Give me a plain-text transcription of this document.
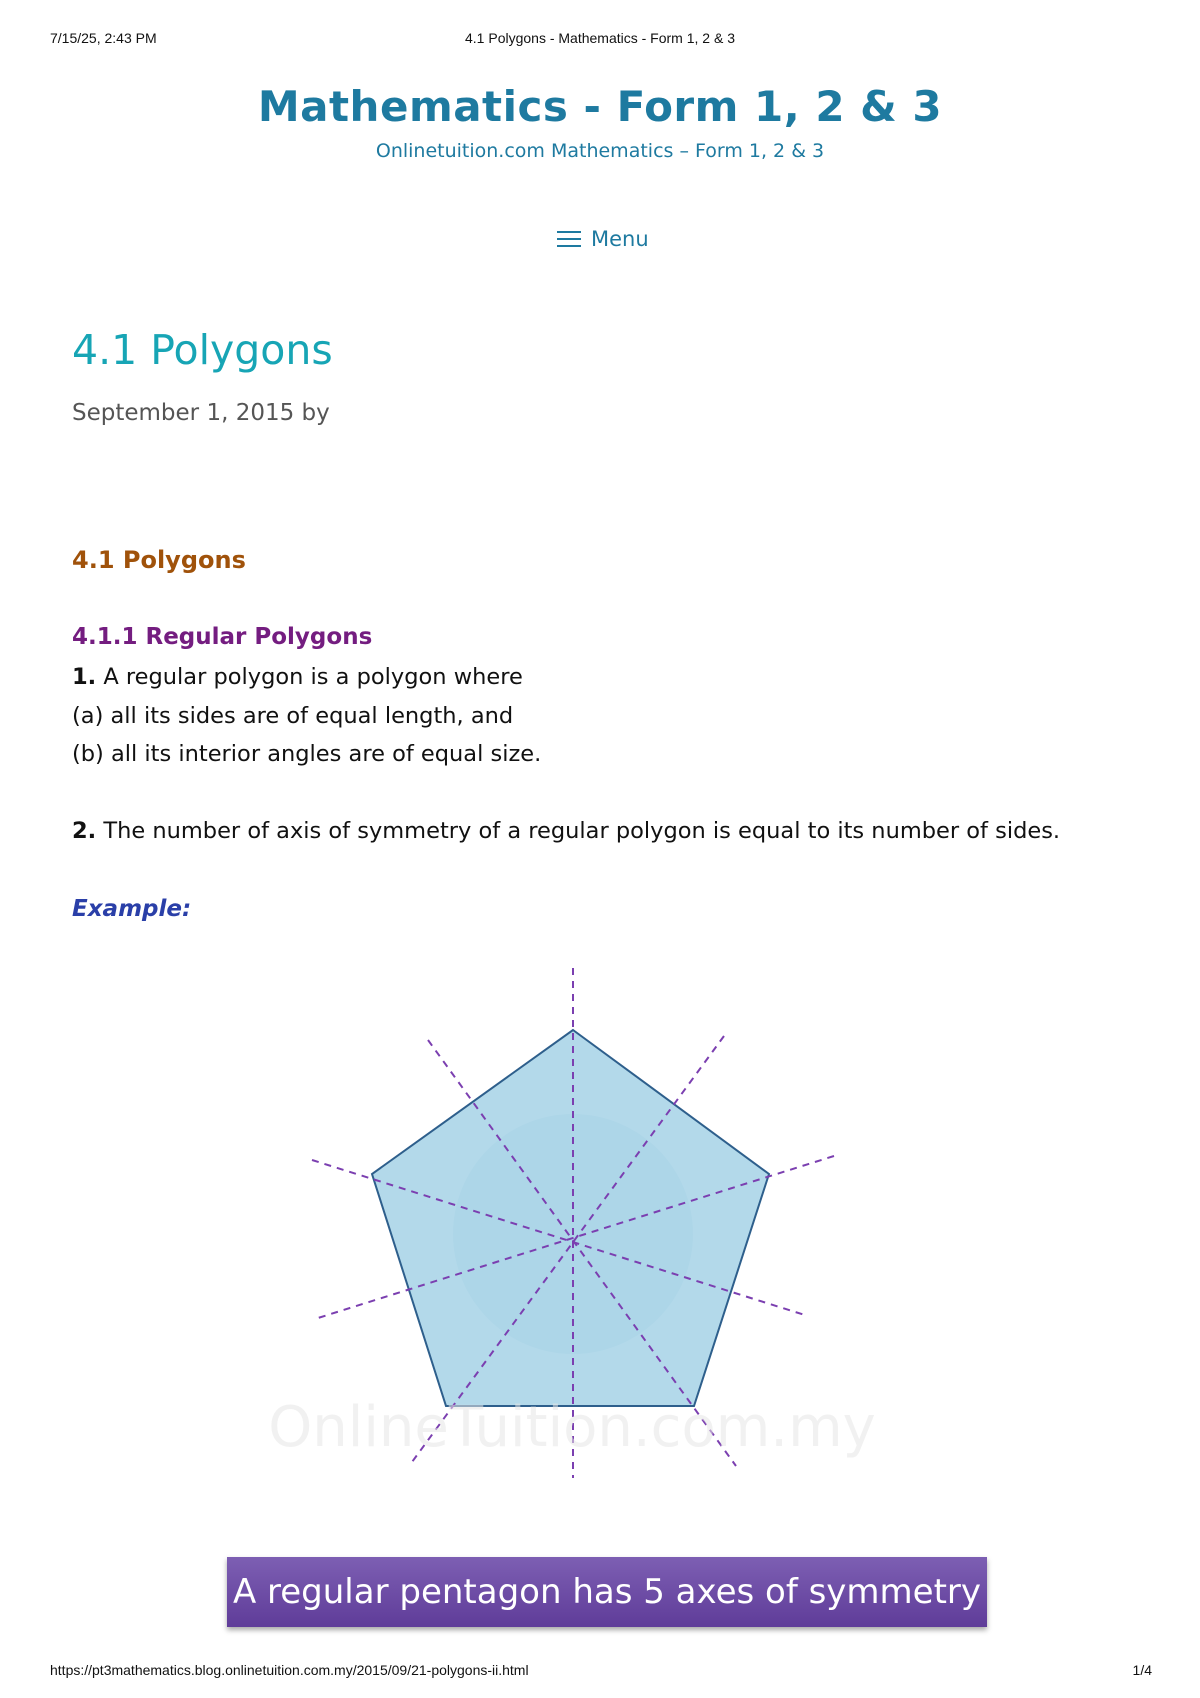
7/15/25, 2:43 PM	4.1 Polygons - Mathematics - Form 1, 2 & 3
Mathematics - Form 1, 2 & 3
Onlinetuition.com Mathematics – Form 1, 2 & 3
Menu
4.1 Polygons
September 1, 2015 by
4.1 Polygons
4.1.1 Regular Polygons
1. A regular polygon is a polygon where
(a) all its sides are of equal length, and
(b) all its interior angles are of equal size.
2. The number of axis of symmetry of a regular polygon is equal to its number of sides.
Example:
OnlineTuition.com.my
A regular pentagon has 5 axes of symmetry
https://pt3mathematics.blog.onlinetuition.com.my/2015/09/21-polygons-ii.html	1/4
